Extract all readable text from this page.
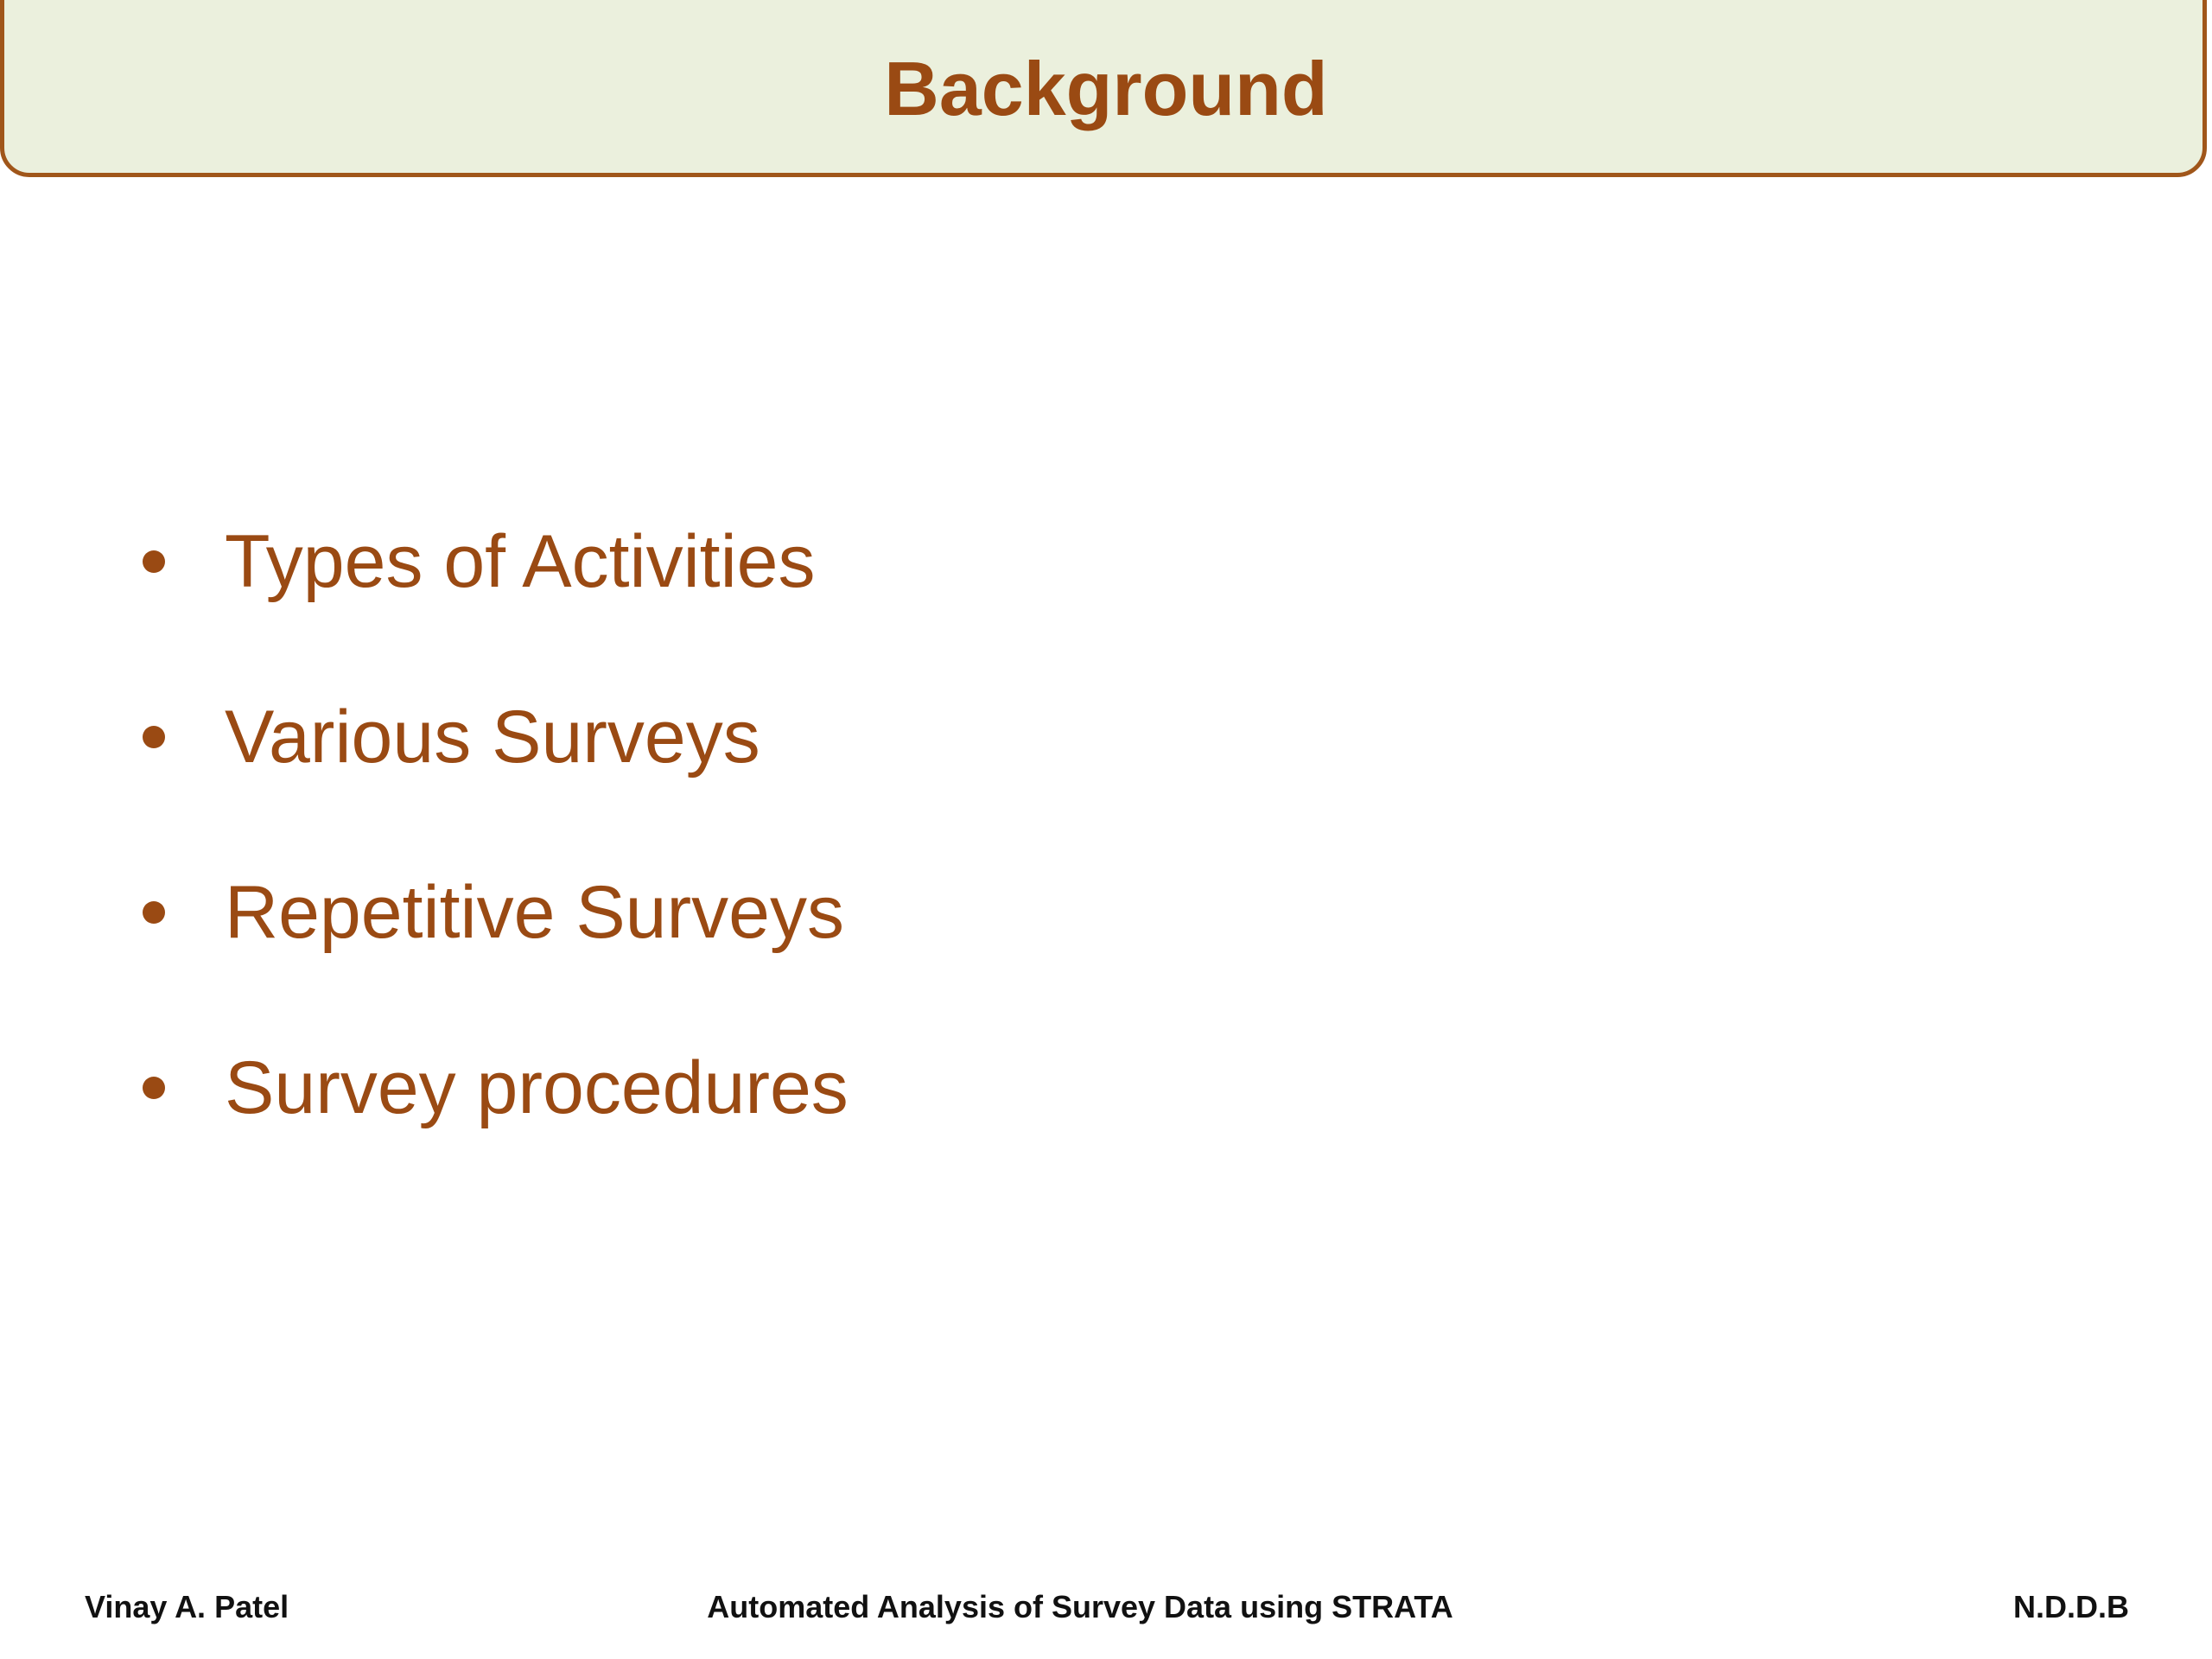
Background
Types of Activities
Various Surveys
Repetitive Surveys
Survey procedures
Vinay A. Patel	Automated Analysis of Survey Data using STRATA	N.D.D.B
